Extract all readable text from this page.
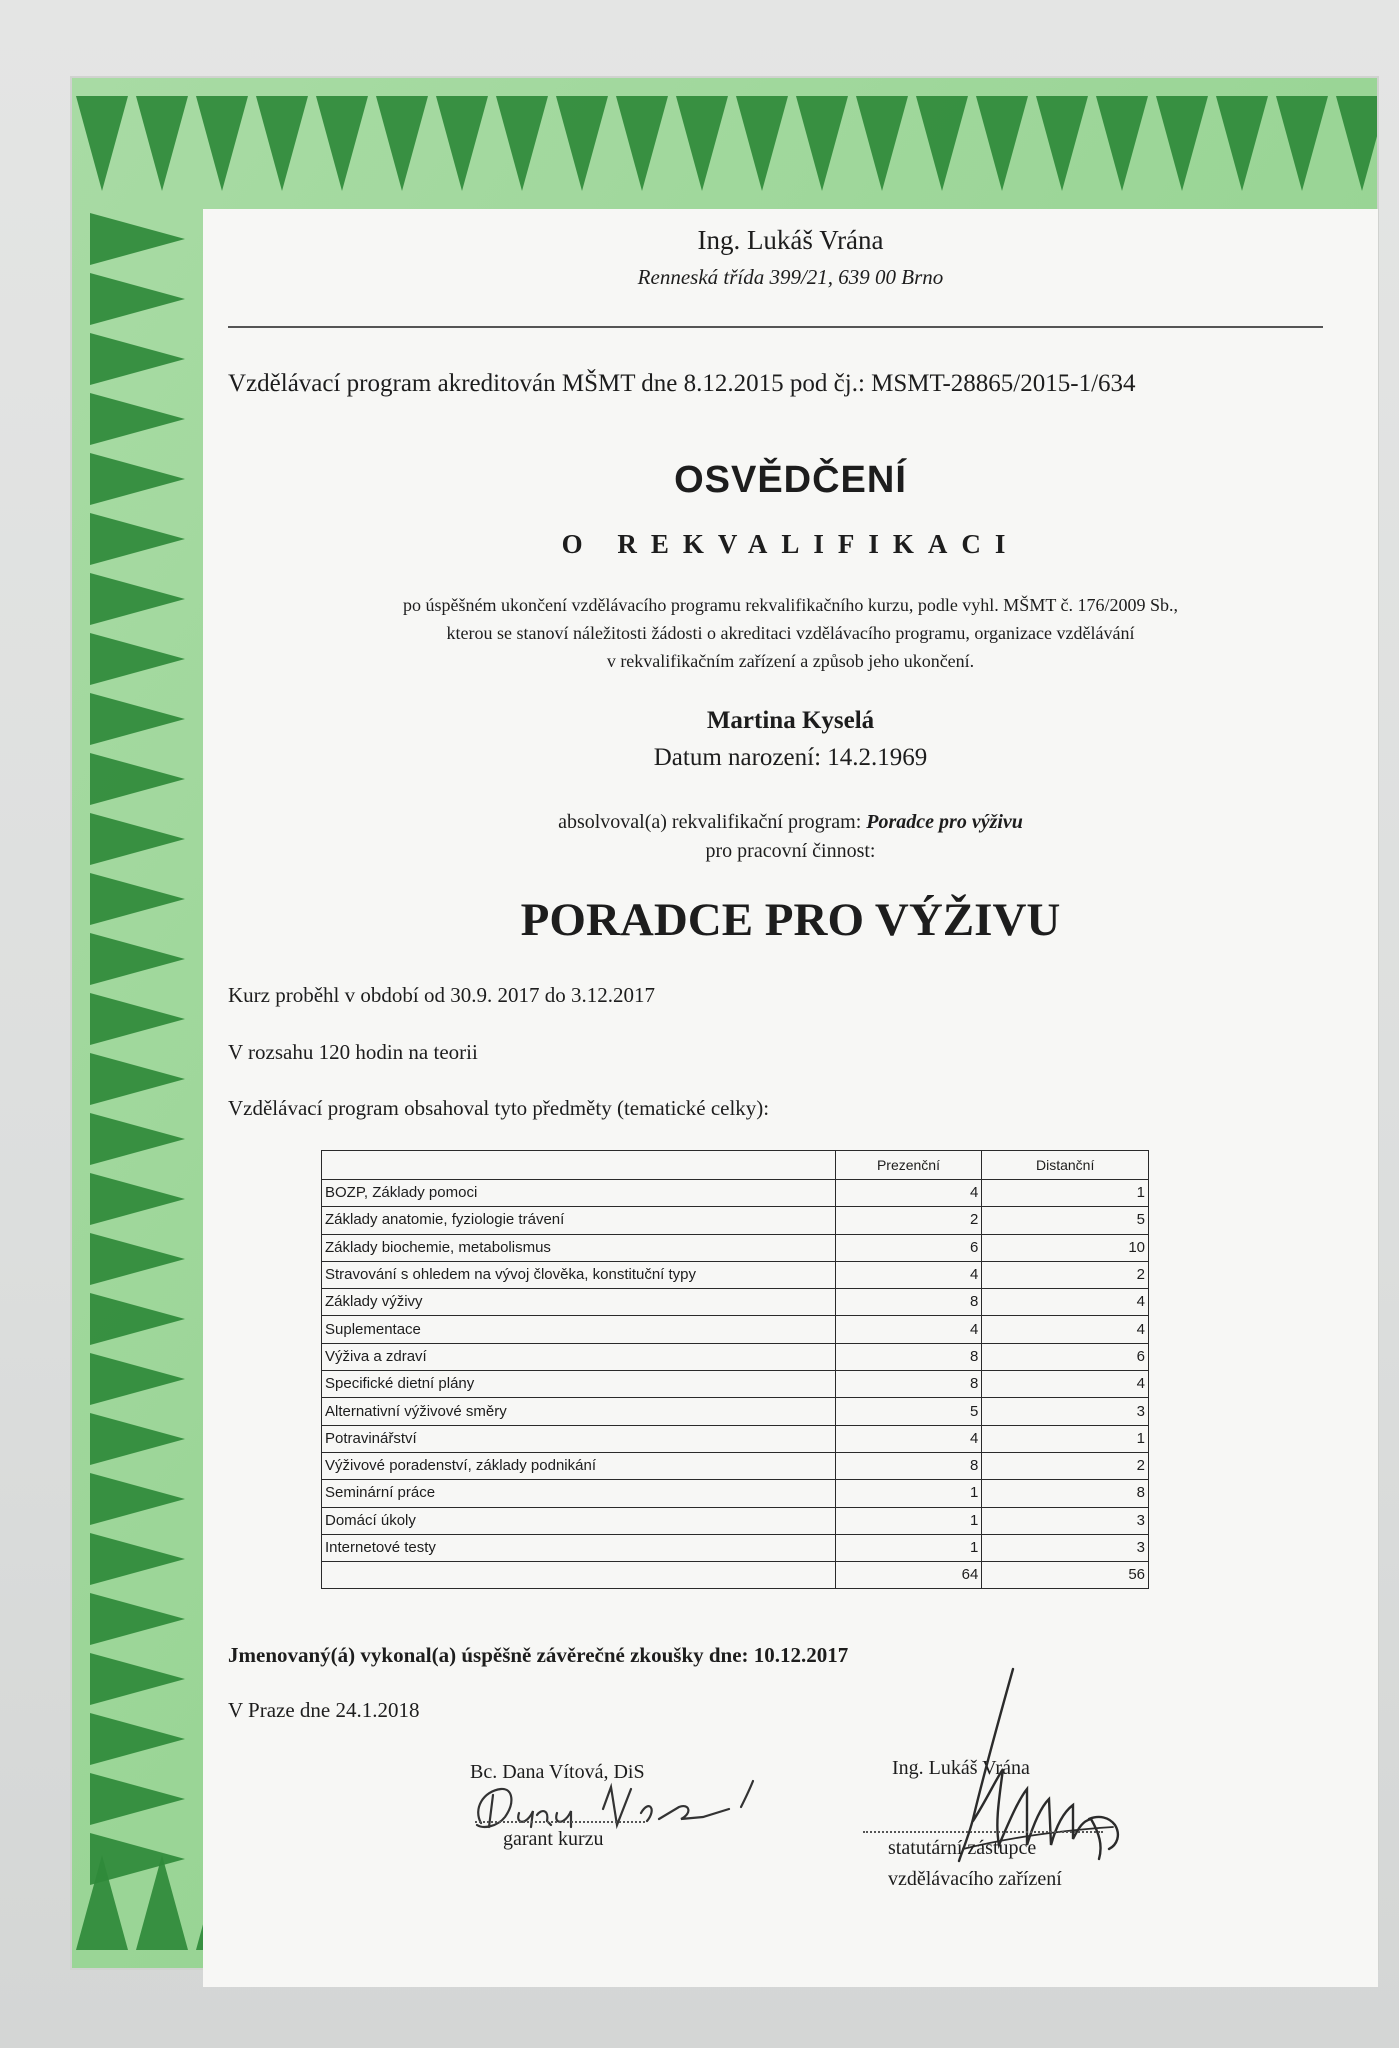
Ing. Lukáš Vrána
Renneská třída 399/21, 639 00 Brno
Vzdělávací program akreditován MŠMT dne 8.12.2015 pod čj.: MSMT-28865/2015-1/634
OSVĚDČENÍ
O REKVALIFIKACI
po úspěšném ukončení vzdělávacího programu rekvalifikačního kurzu, podle vyhl. MŠMT č. 176/2009 Sb.,
kterou se stanoví náležitosti žádosti o akreditaci vzdělávacího programu, organizace vzdělávání
v rekvalifikačním zařízení a způsob jeho ukončení.
Martina Kyselá
Datum narození: 14.2.1969
absolvoval(a) rekvalifikační program: Poradce pro výživu
pro pracovní činnost:
PORADCE PRO VÝŽIVU
Kurz proběhl v období od 30.9. 2017 do 3.12.2017
V rozsahu 120 hodin na teorii
Vzdělávací program obsahoval tyto předměty (tematické celky):
	Prezenční	Distanční
BOZP, Základy pomoci	4	1
Základy anatomie, fyziologie trávení	2	5
Základy biochemie, metabolismus	6	10
Stravování s ohledem na vývoj člověka, konstituční typy	4	2
Základy výživy	8	4
Suplementace	4	4
Výživa a zdraví	8	6
Specifické dietní plány	8	4
Alternativní výživové směry	5	3
Potravinářství	4	1
Výživové poradenství, základy podnikání	8	2
Seminární práce	1	8
Domácí úkoly	1	3
Internetové testy	1	3
	64	56
Jmenovaný(á) vykonal(a) úspěšně závěrečné zkoušky dne: 10.12.2017
V Praze dne 24.1.2018
Bc. Dana Vítová, DiS
garant kurzu
Ing. Lukáš Vrána
statutární zástupce
vzdělávacího zařízení
